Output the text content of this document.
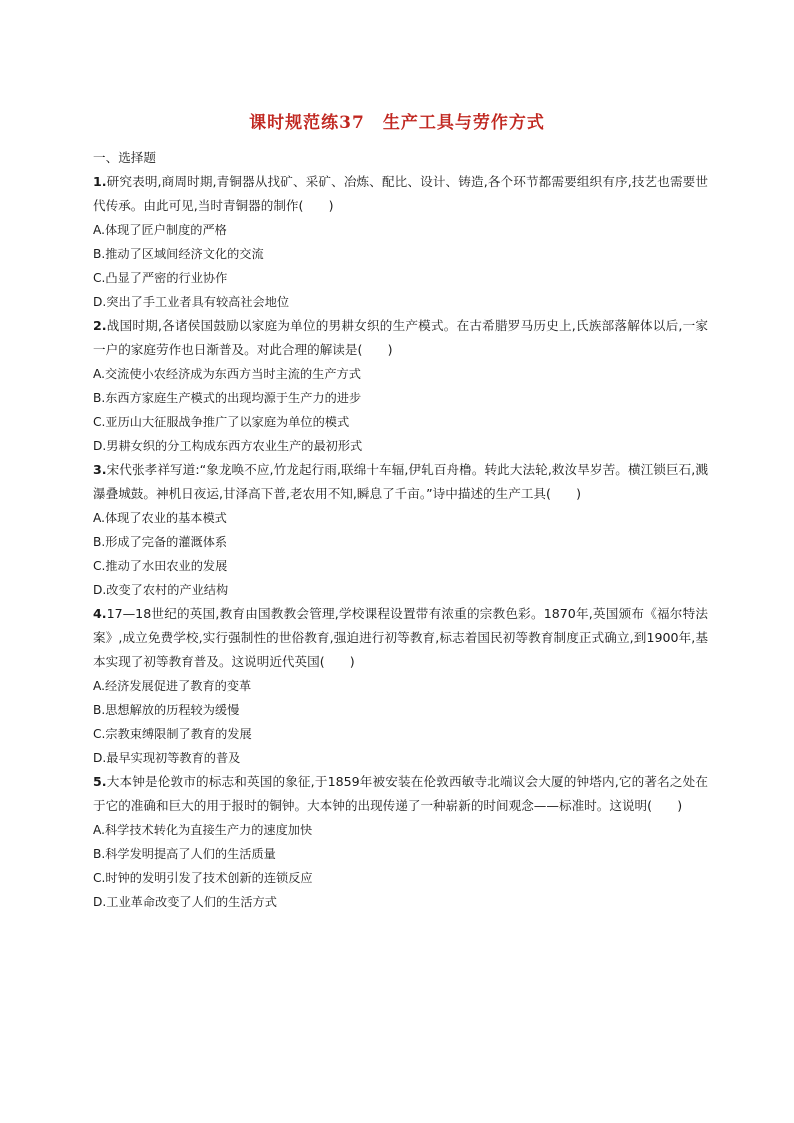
课时规范练37　生产工具与劳作方式

一、选择题

1.研究表明,商周时期,青铜器从找矿、采矿、冶炼、配比、设计、铸造,各个环节都需要组织有序,技艺也需要世代传承。由此可见,当时青铜器的制作(　　)

A.体现了匠户制度的严格

B.推动了区域间经济文化的交流

C.凸显了严密的行业协作

D.突出了手工业者具有较高社会地位

2.战国时期,各诸侯国鼓励以家庭为单位的男耕女织的生产模式。在古希腊罗马历史上,氏族部落解体以后,一家一户的家庭劳作也日渐普及。对此合理的解读是(　　)

A.交流使小农经济成为东西方当时主流的生产方式

B.东西方家庭生产模式的出现均源于生产力的进步

C.亚历山大征服战争推广了以家庭为单位的模式

D.男耕女织的分工构成东西方农业生产的最初形式

3.宋代张孝祥写道:“象龙唤不应,竹龙起行雨,联绵十车辐,伊轧百舟橹。转此大法轮,救汝旱岁苦。横江锁巨石,溅瀑叠城鼓。神机日夜运,甘泽高下普,老农用不知,瞬息了千亩。”诗中描述的生产工具(　　)

A.体现了农业的基本模式

B.形成了完备的灌溉体系

C.推动了水田农业的发展

D.改变了农村的产业结构

4.17—18世纪的英国,教育由国教教会管理,学校课程设置带有浓重的宗教色彩。1870年,英国颁布《福尔特法案》,成立免费学校,实行强制性的世俗教育,强迫进行初等教育,标志着国民初等教育制度正式确立,到1900年,基本实现了初等教育普及。这说明近代英国(　　)

A.经济发展促进了教育的变革

B.思想解放的历程较为缓慢

C.宗教束缚限制了教育的发展

D.最早实现初等教育的普及

5.大本钟是伦敦市的标志和英国的象征,于1859年被安装在伦敦西敏寺北端议会大厦的钟塔内,它的著名之处在于它的准确和巨大的用于报时的铜钟。大本钟的出现传递了一种崭新的时间观念——标准时。这说明(　　)

A.科学技术转化为直接生产力的速度加快

B.科学发明提高了人们的生活质量

C.时钟的发明引发了技术创新的连锁反应

D.工业革命改变了人们的生活方式
